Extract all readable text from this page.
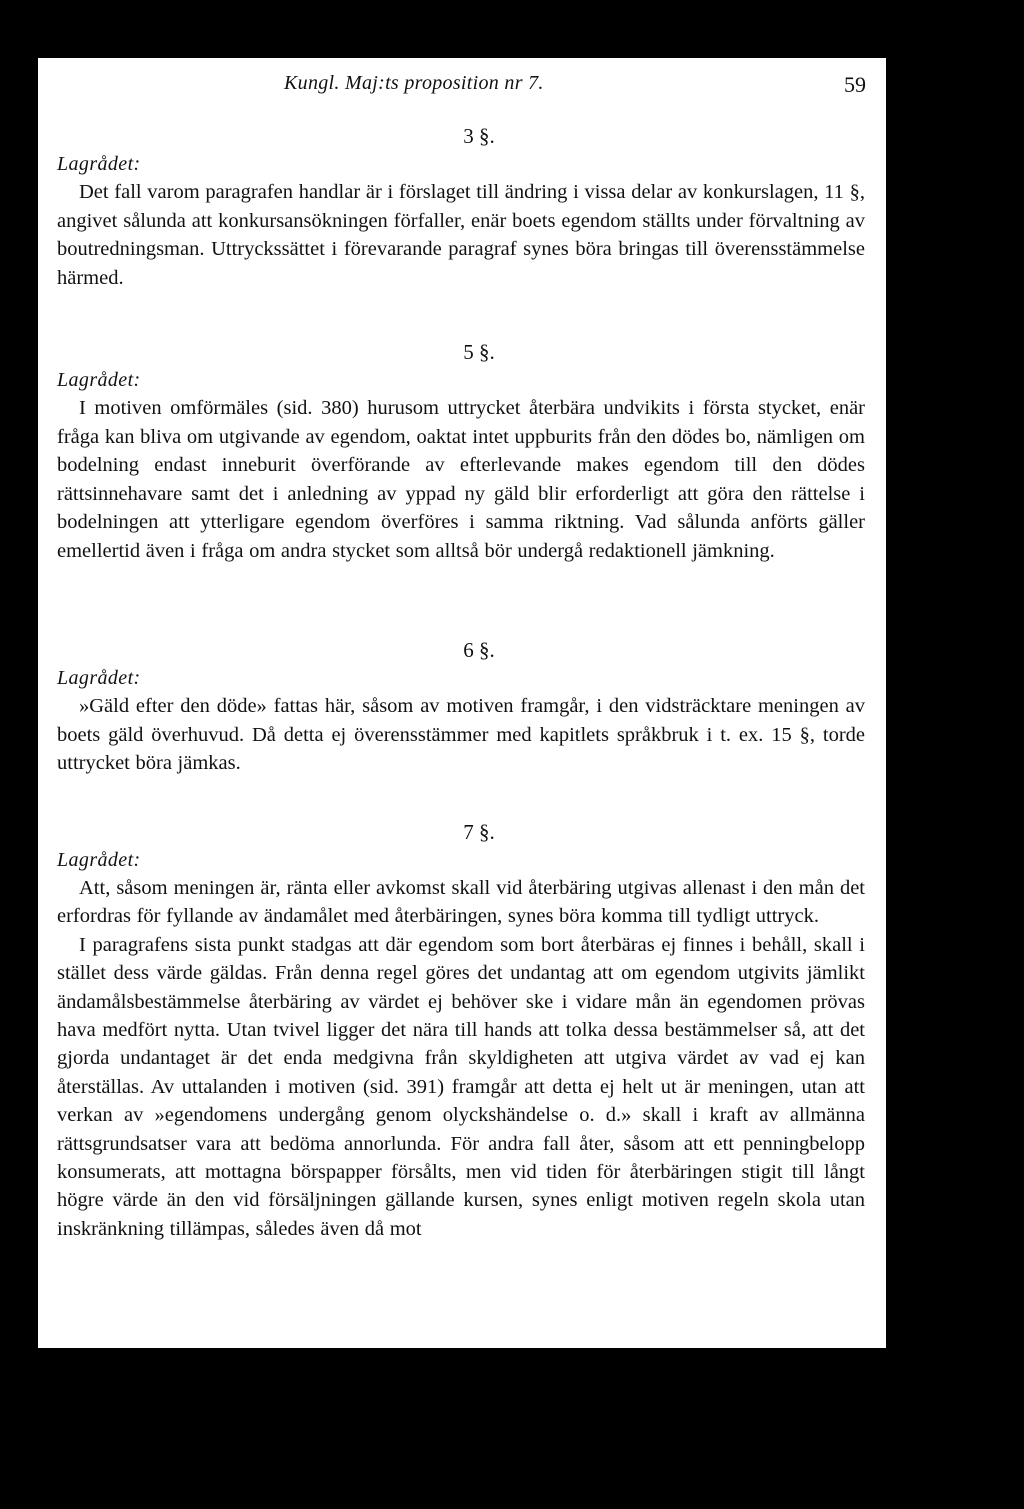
Kungl. Maj:ts proposition nr 7.	59
3 §.
Lagrådet:

Det fall varom paragrafen handlar är i förslaget till ändring i vissa delar av konkurslagen, 11 §, angivet sålunda att konkursansökningen förfaller, enär boets egendom ställts under förvaltning av boutredningsman. Uttryckssättet i förevarande paragraf synes böra bringas till överensstämmelse härmed.

5 §.
Lagrådet:

I motiven omförmäles (sid. 380) hurusom uttrycket återbära undvikits i första stycket, enär fråga kan bliva om utgivande av egendom, oaktat intet uppburits från den dödes bo, nämligen om bodelning endast inneburit överförande av efterlevande makes egendom till den dödes rättsinnehavare samt det i anledning av yppad ny gäld blir erforderligt att göra den rättelse i bodelningen att ytterligare egendom överföres i samma riktning. Vad sålunda anförts gäller emellertid även i fråga om andra stycket som alltså bör undergå redaktionell jämkning.

6 §.
Lagrådet:

»Gäld efter den döde» fattas här, såsom av motiven framgår, i den vidsträcktare meningen av boets gäld överhuvud. Då detta ej överensstämmer med kapitlets språkbruk i t. ex. 15 §, torde uttrycket böra jämkas.

7 §.
Lagrådet:

Att, såsom meningen är, ränta eller avkomst skall vid återbäring utgivas allenast i den mån det erfordras för fyllande av ändamålet med återbäringen, synes böra komma till tydligt uttryck.

I paragrafens sista punkt stadgas att där egendom som bort återbäras ej finnes i behåll, skall i stället dess värde gäldas. Från denna regel göres det undantag att om egendom utgivits jämlikt ändamålsbestämmelse återbäring av värdet ej behöver ske i vidare mån än egendomen prövas hava medfört nytta. Utan tvivel ligger det nära till hands att tolka dessa bestämmelser så, att det gjorda undantaget är det enda medgivna från skyldigheten att utgiva värdet av vad ej kan återställas. Av uttalanden i motiven (sid. 391) framgår att detta ej helt ut är meningen, utan att verkan av »egendomens undergång genom olyckshändelse o. d.» skall i kraft av allmänna rättsgrundsatser vara att bedöma annorlunda. För andra fall åter, såsom att ett penningbelopp konsumerats, att mottagna börspapper försålts, men vid tiden för återbäringen stigit till långt högre värde än den vid försäljningen gällande kursen, synes enligt motiven regeln skola utan inskränkning tillämpas, således även då mot
